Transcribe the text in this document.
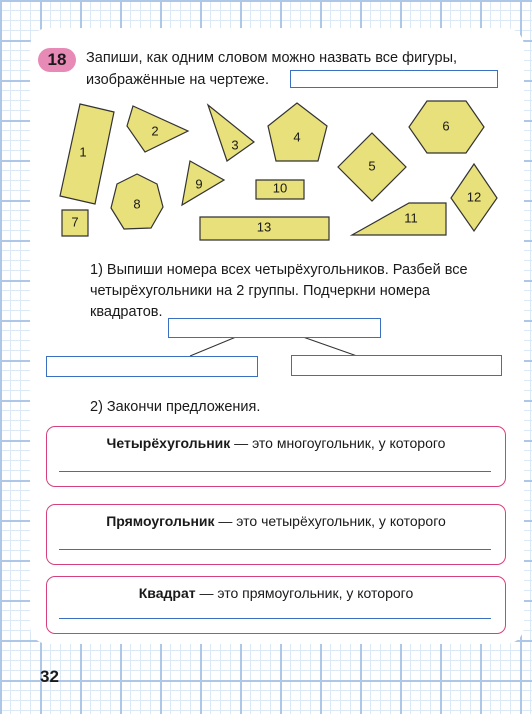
18	Запиши, как одним словом можно назвать все фигуры, изображённые на чертеже.

1
2
3
4
5
6
7
8
9	10
11
12
13

1) Выпиши номера всех четырёхугольников. Разбей все четырёхугольники на 2 группы. Подчеркни номера квадратов.

2) Закончи предложения.

Четырёхугольник — это многоугольник, у которого
Прямоугольник — это четырёхугольник, у которого
Квадрат — это прямоугольник, у которого
32
